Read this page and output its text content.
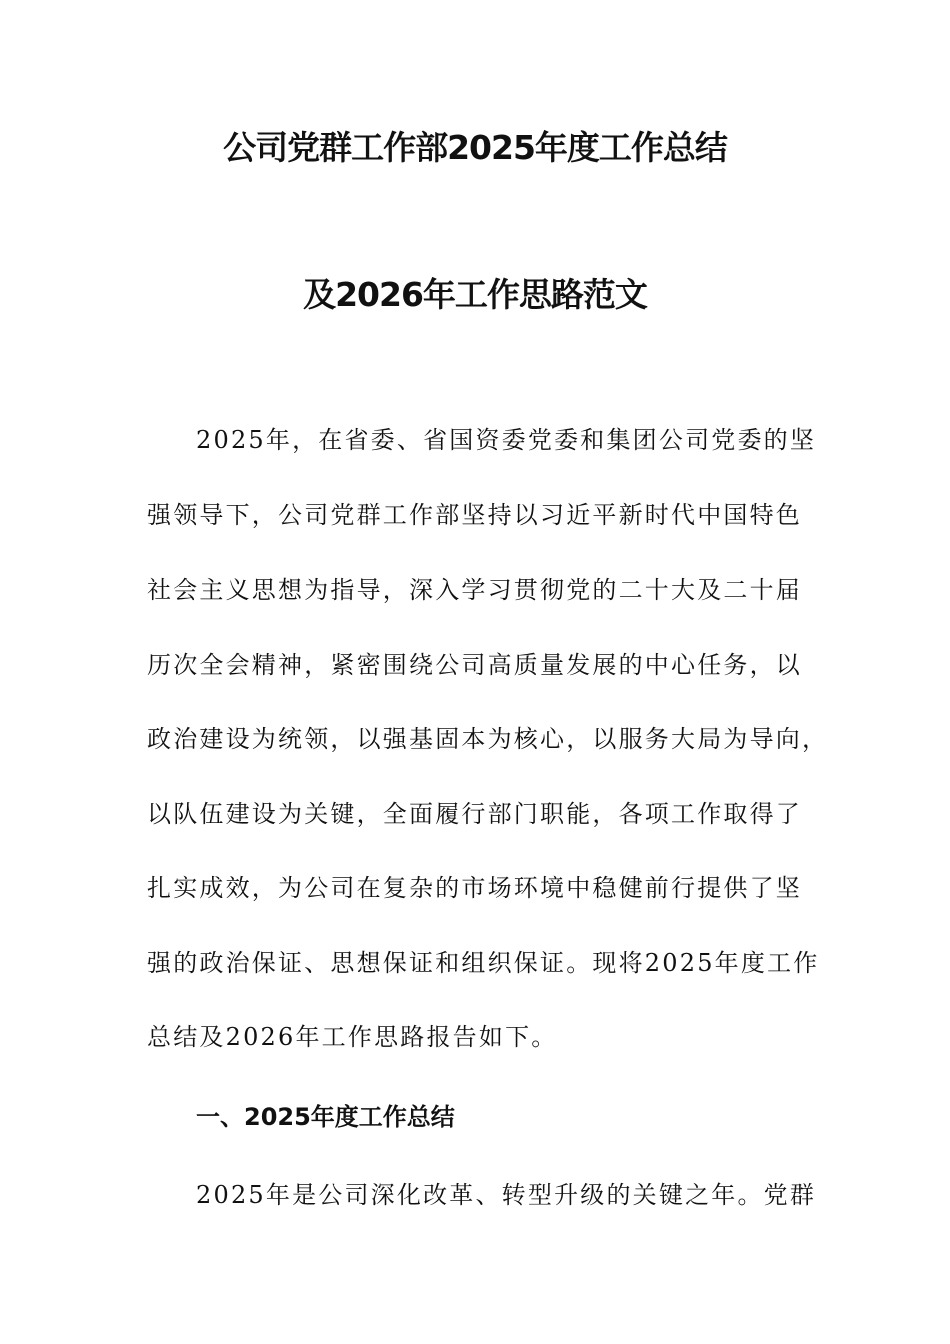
公司党群工作部2025年度工作总结
及2026年工作思路范文
2025年，在省委、省国资委党委和集团公司党委的坚
强领导下，公司党群工作部坚持以习近平新时代中国特色
社会主义思想为指导，深入学习贯彻党的二十大及二十届
历次全会精神，紧密围绕公司高质量发展的中心任务，以
政治建设为统领，以强基固本为核心，以服务大局为导向，
以队伍建设为关键，全面履行部门职能，各项工作取得了
扎实成效，为公司在复杂的市场环境中稳健前行提供了坚
强的政治保证、思想保证和组织保证。现将2025年度工作
总结及2026年工作思路报告如下。
一、2025年度工作总结
2025年是公司深化改革、转型升级的关键之年。党群
